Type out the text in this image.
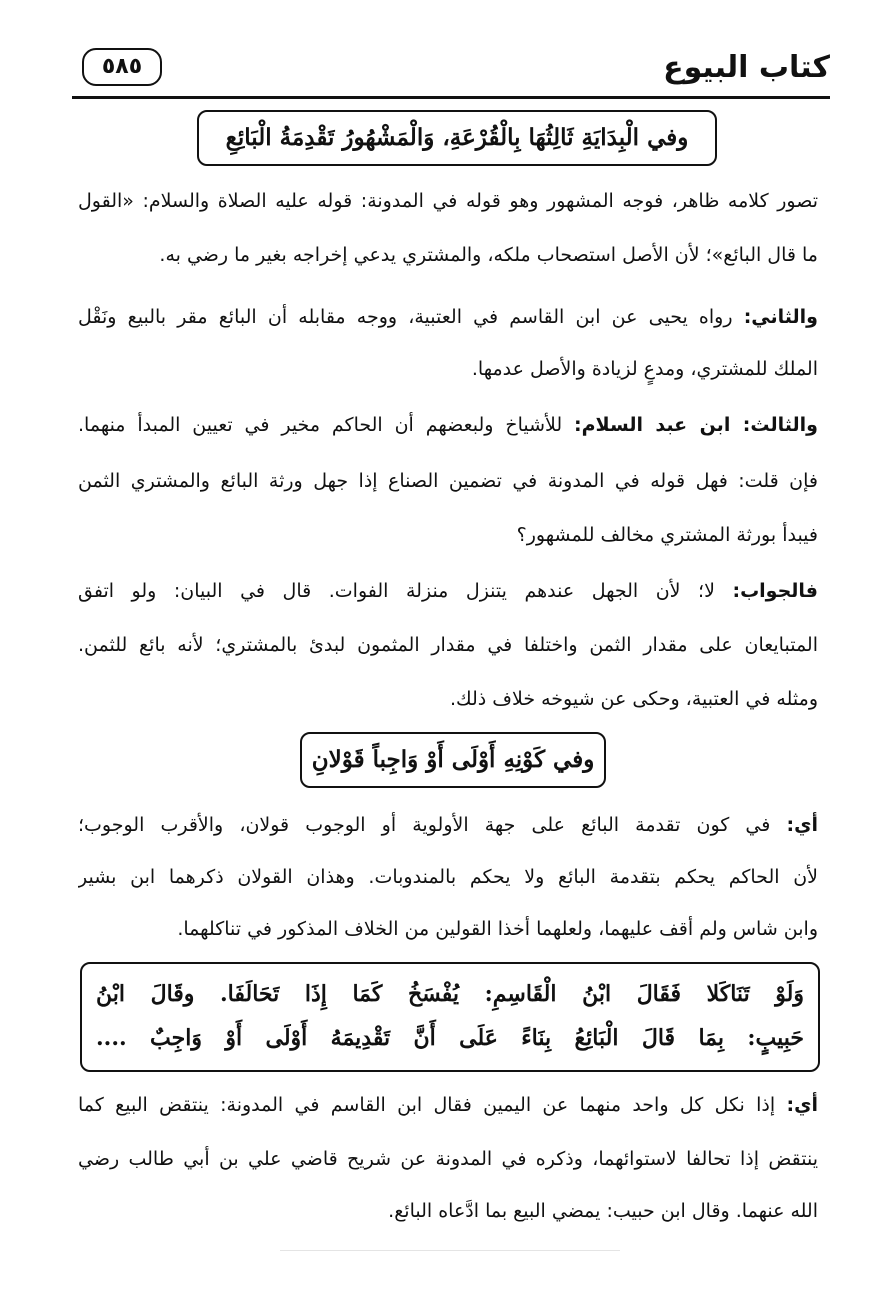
كتاب البيوع
٥٨٥
وفي الْبِدَايَةِ ثَالِثُهَا بِالْقُرْعَةِ، وَالْمَشْهُورُ تَقْدِمَةُ الْبَائِعِ
تصور كلامه ظاهر، فوجه المشهور وهو قوله في المدونة: قوله عليه الصلاة والسلام: «القول
ما قال البائع»؛ لأن الأصل استصحاب ملكه، والمشتري يدعي إخراجه بغير ما رضي به.
والثاني: رواه يحيى عن ابن القاسم في العتبية، ووجه مقابله أن البائع مقر بالبيع ونَقْل
الملك للمشتري، ومدعٍ لزيادة والأصل عدمها.
والثالث: ابن عبد السلام: للأشياخ ولبعضهم أن الحاكم مخير في تعيين المبدأ منهما.
فإن قلت: فهل قوله في المدونة في تضمين الصناع إذا جهل ورثة البائع والمشتري الثمن
فيبدأ بورثة المشتري مخالف للمشهور؟
فالجواب: لا؛ لأن الجهل عندهم يتنزل منزلة الفوات. قال في البيان: ولو اتفق
المتبايعان على مقدار الثمن واختلفا في مقدار المثمون لبدئ بالمشتري؛ لأنه بائع للثمن.
ومثله في العتبية، وحكى عن شيوخه خلاف ذلك.
وفي كَوْنِهِ أَوْلَى أَوْ وَاجِباً قَوْلانِ
أي: في كون تقدمة البائع على جهة الأولوية أو الوجوب قولان، والأقرب الوجوب؛
لأن الحاكم يحكم بتقدمة البائع ولا يحكم بالمندوبات. وهذان القولان ذكرهما ابن بشير
وابن شاس ولم أقف عليهما، ولعلهما أخذا القولين من الخلاف المذكور في تناكلهما.
وَلَوْ تَنَاكَلا فَقَالَ ابْنُ الْقَاسِمِ: يُفْسَخُ كَمَا إِذَا تَحَالَفَا. وقَالَ ابْنُ
حَبِيبٍ: بِمَا قَالَ الْبَائِعُ بِنَاءً عَلَى أَنَّ تَقْدِيمَهُ أَوْلَى أَوْ وَاجِبٌ ....
أي: إذا نكل كل واحد منهما عن اليمين فقال ابن القاسم في المدونة: ينتقض البيع كما
ينتقض إذا تحالفا لاستوائهما، وذكره في المدونة عن شريح قاضي علي بن أبي طالب رضي
الله عنهما. وقال ابن حبيب: يمضي البيع بما ادَّعاه البائع.
